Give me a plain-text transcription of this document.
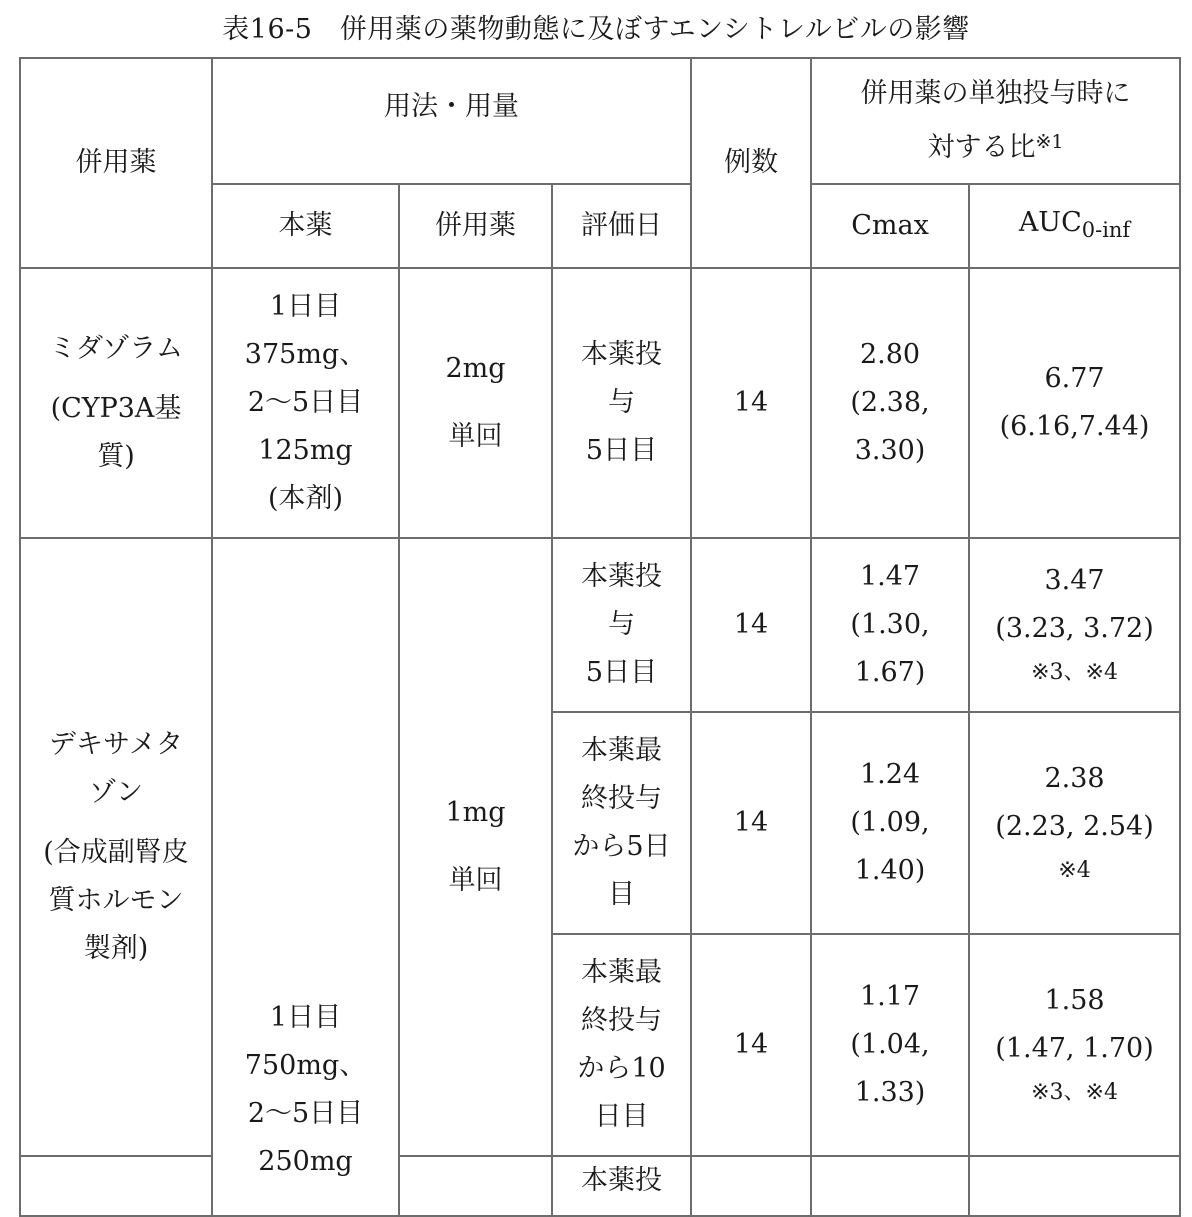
表16-5　併用薬の薬物動態に及ぼすエンシトレルビルの影響
併用薬	用法・用量			例数	併用薬の単独投与時に
対する比$^{※1}$

	本薬	併用薬	評価日		Cmax	$AUC_{0-inf}$

ミダゾラム
(CYP3A基
質)	1日目
375mg、
2〜5日目
125mg
(本剤)	2mg
単回	本薬投
与
5日目	14	2.80
(2.38,
3.30)	6.77
(6.16,7.44)

デキサメタ
ゾン
(合成副腎皮
質ホルモン
製剤)	1日目
750mg、
2〜5日目
250mg	1mg
単回	本薬投
与
5日目	14	1.47
(1.30,
1.67)	3.47
(3.23, 3.72)
※3、※4

			本薬最
終投与
から5日
目	14	1.24
(1.09,
1.40)	2.38
(2.23, 2.54)
※4

			本薬最
終投与
から10
日目	14	1.17
(1.04,
1.33)	1.58
(1.47, 1.70)
※3、※4

			本薬投			
